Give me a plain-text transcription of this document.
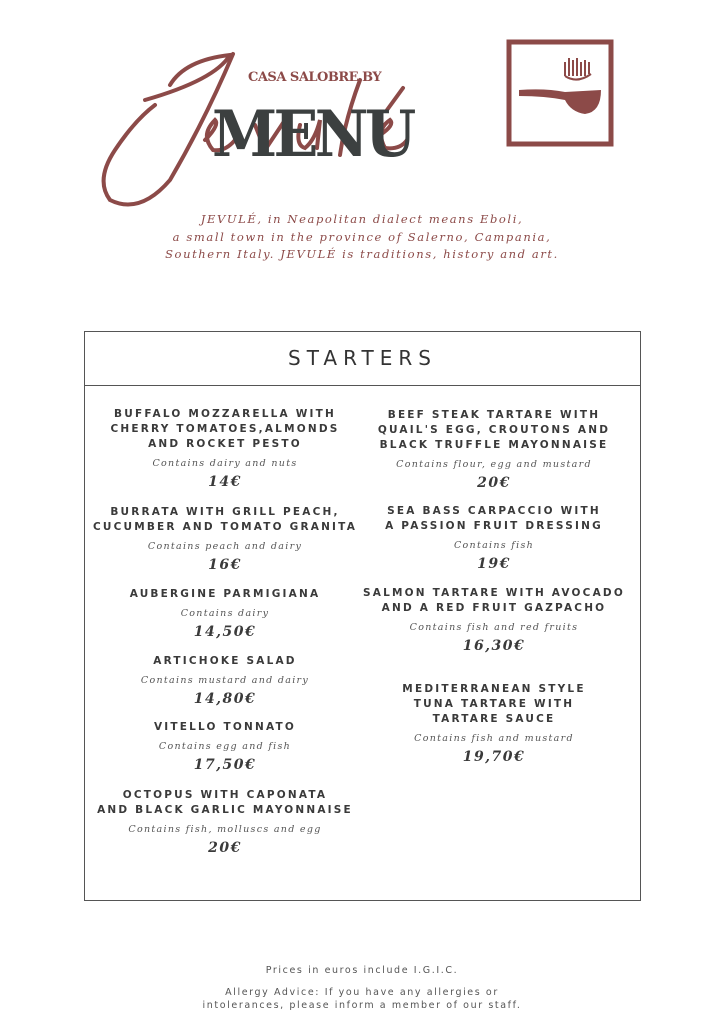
CASA SALOBRE BY
MENU
JEVULÉ, in Neapolitan dialect means Eboli,
a small town in the province of Salerno, Campania,
Southern Italy. JEVULÉ is traditions, history and art.
STARTERS
BUFFALO MOZZARELLA WITH
CHERRY TOMATOES,ALMONDS
AND ROCKET PESTO
Contains dairy and nuts
14€
BURRATA WITH GRILL PEACH,
CUCUMBER AND TOMATO GRANITA
Contains peach and dairy
16€
AUBERGINE PARMIGIANA
Contains dairy
14,50€
ARTICHOKE SALAD
Contains mustard and dairy
14,80€
VITELLO TONNATO
Contains egg and fish
17,50€
OCTOPUS WITH CAPONATA
AND BLACK GARLIC MAYONNAISE
Contains fish, molluscs and egg
20€
BEEF STEAK TARTARE WITH
QUAIL'S EGG, CROUTONS AND
BLACK TRUFFLE MAYONNAISE
Contains flour, egg and mustard
20€
SEA BASS CARPACCIO WITH
A PASSION FRUIT DRESSING
Contains fish
19€
SALMON TARTARE WITH AVOCADO
AND A RED FRUIT GAZPACHO
Contains fish and red fruits
16,30€
MEDITERRANEAN STYLE
TUNA TARTARE WITH
TARTARE SAUCE
Contains fish and mustard
19,70€
Prices in euros include I.G.I.C.
Allergy Advice: If you have any allergies or
intolerances, please inform a member of our staff.
